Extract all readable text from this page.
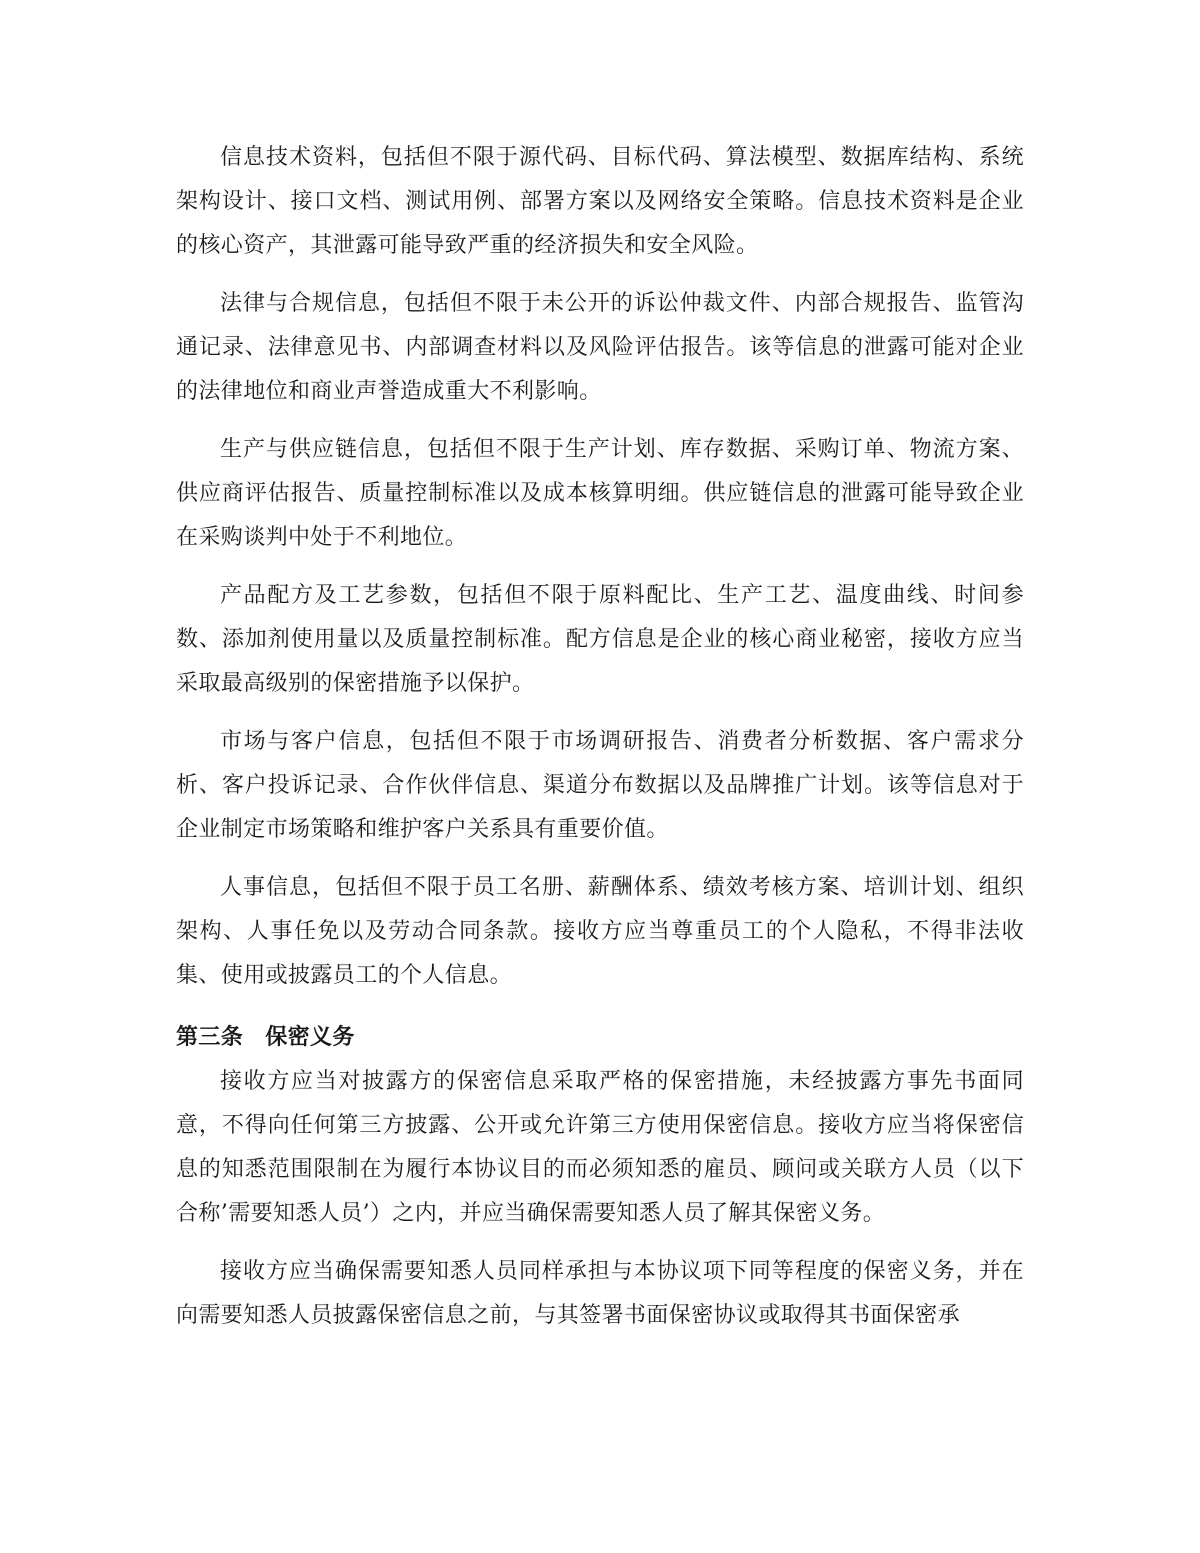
信息技术资料，包括但不限于源代码、目标代码、算法模型、数据库结构、系统架构设计、接口文档、测试用例、部署方案以及网络安全策略。信息技术资料是企业的核心资产，其泄露可能导致严重的经济损失和安全风险。

法律与合规信息，包括但不限于未公开的诉讼仲裁文件、内部合规报告、监管沟通记录、法律意见书、内部调查材料以及风险评估报告。该等信息的泄露可能对企业的法律地位和商业声誉造成重大不利影响。

生产与供应链信息，包括但不限于生产计划、库存数据、采购订单、物流方案、供应商评估报告、质量控制标准以及成本核算明细。供应链信息的泄露可能导致企业在采购谈判中处于不利地位。

产品配方及工艺参数，包括但不限于原料配比、生产工艺、温度曲线、时间参数、添加剂使用量以及质量控制标准。配方信息是企业的核心商业秘密，接收方应当采取最高级别的保密措施予以保护。

市场与客户信息，包括但不限于市场调研报告、消费者分析数据、客户需求分析、客户投诉记录、合作伙伴信息、渠道分布数据以及品牌推广计划。该等信息对于企业制定市场策略和维护客户关系具有重要价值。

人事信息，包括但不限于员工名册、薪酬体系、绩效考核方案、培训计划、组织架构、人事任免以及劳动合同条款。接收方应当尊重员工的个人隐私，不得非法收集、使用或披露员工的个人信息。

第三条 保密义务

接收方应当对披露方的保密信息采取严格的保密措施，未经披露方事先书面同意，不得向任何第三方披露、公开或允许第三方使用保密信息。接收方应当将保密信息的知悉范围限制在为履行本协议目的而必须知悉的雇员、顾问或关联方人员（以下合称’需要知悉人员’）之内，并应当确保需要知悉人员了解其保密义务。

接收方应当确保需要知悉人员同样承担与本协议项下同等程度的保密义务，并在向需要知悉人员披露保密信息之前，与其签署书面保密协议或取得其书面保密承
